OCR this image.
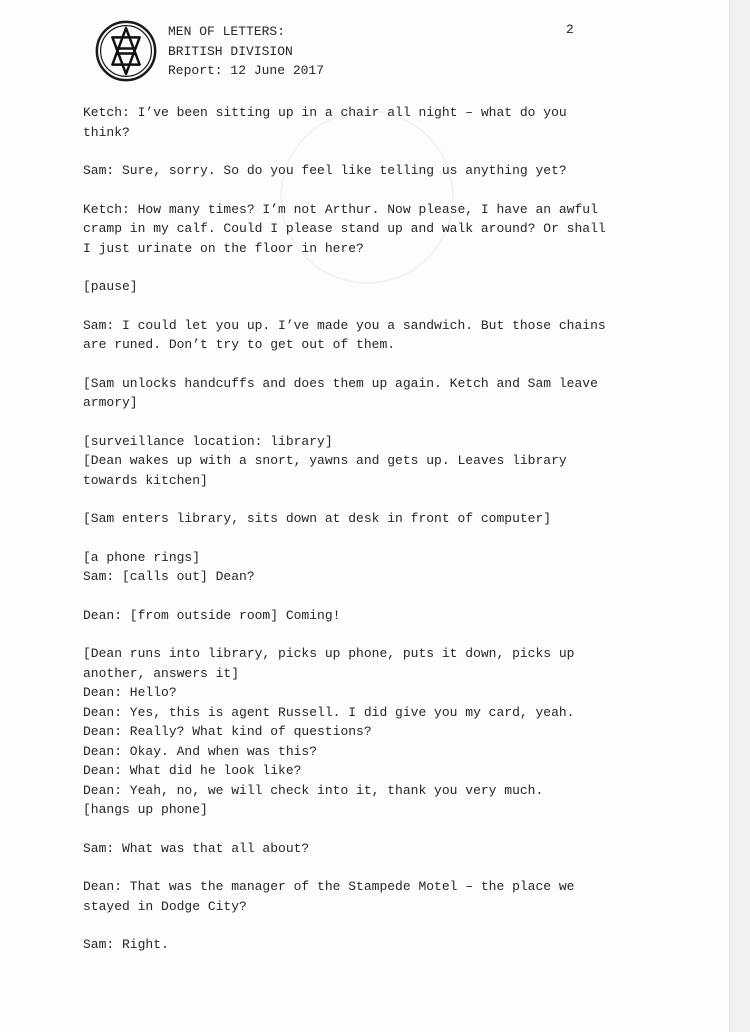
MEN OF LETTERS:
BRITISH DIVISION
Report: 12 June 2017
2

Ketch: I’ve been sitting up in a chair all night – what do you
think?

Sam: Sure, sorry. So do you feel like telling us anything yet?

Ketch: How many times? I’m not Arthur. Now please, I have an awful
cramp in my calf. Could I please stand up and walk around? Or shall
I just urinate on the floor in here?

[pause]

Sam: I could let you up. I’ve made you a sandwich. But those chains
are runed. Don’t try to get out of them.

[Sam unlocks handcuffs and does them up again. Ketch and Sam leave
armory]

[surveillance location: library]
[Dean wakes up with a snort, yawns and gets up. Leaves library
towards kitchen]

[Sam enters library, sits down at desk in front of computer]

[a phone rings]
Sam: [calls out] Dean?

Dean: [from outside room] Coming!

[Dean runs into library, picks up phone, puts it down, picks up
another, answers it]
Dean: Hello?
Dean: Yes, this is agent Russell. I did give you my card, yeah.
Dean: Really? What kind of questions?
Dean: Okay. And when was this?
Dean: What did he look like?
Dean: Yeah, no, we will check into it, thank you very much.
[hangs up phone]

Sam: What was that all about?

Dean: That was the manager of the Stampede Motel – the place we
stayed in Dodge City?

Sam: Right.
